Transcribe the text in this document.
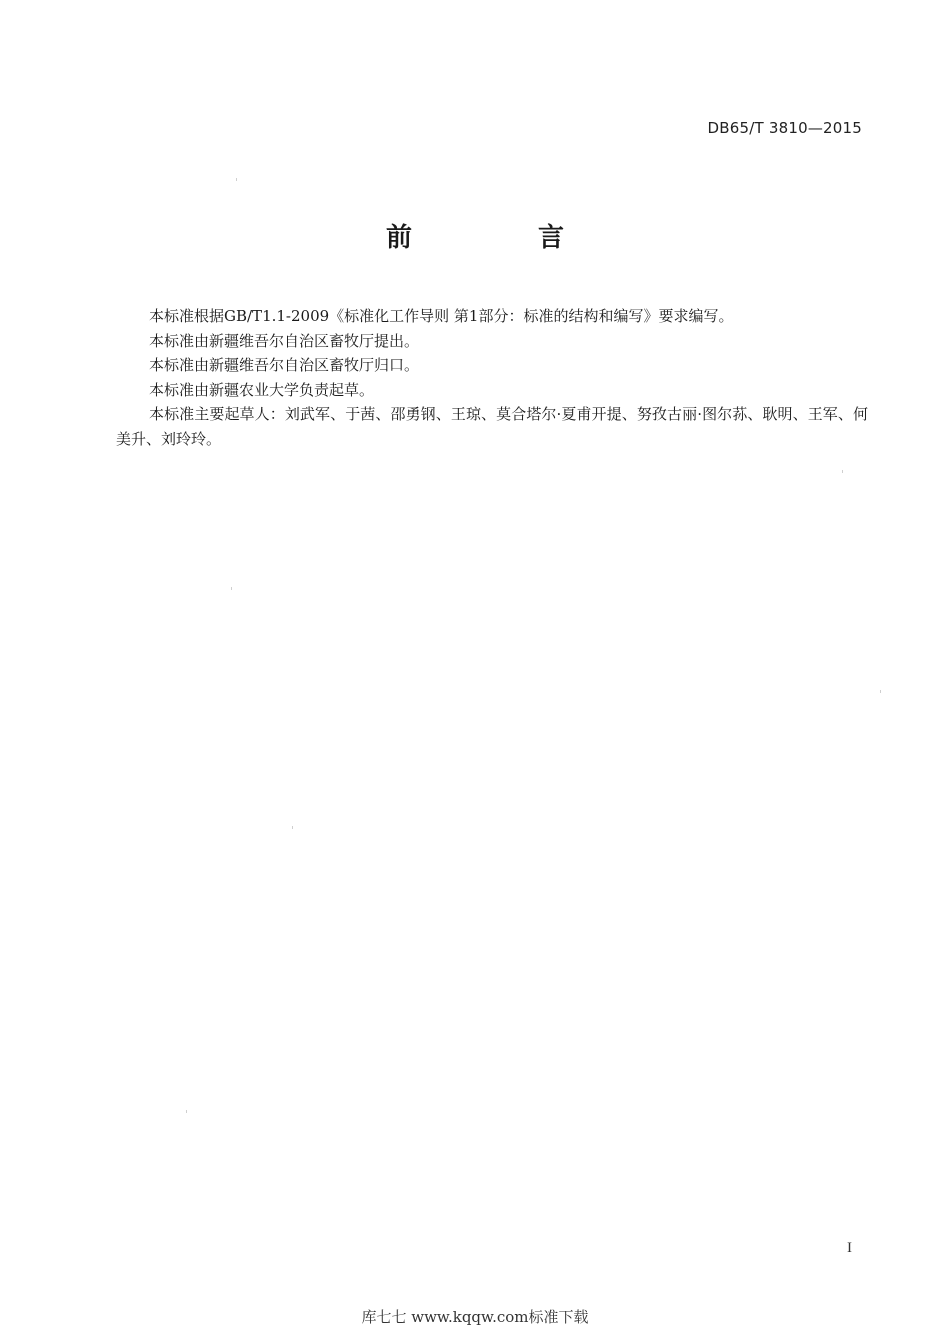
DB65/T 3810—2015
前　言

本标准根据GB/T1.1-2009《标准化工作导则 第1部分：标准的结构和编写》要求编写。

本标准由新疆维吾尔自治区畜牧厅提出。

本标准由新疆维吾尔自治区畜牧厅归口。

本标准由新疆农业大学负责起草。

本标准主要起草人：刘武军、于茜、邵勇钢、王琼、莫合塔尔·夏甫开提、努孜古丽·图尔荪、耿明、王军、何美升、刘玲玲。

I
库七七 www.kqqw.com标准下载
